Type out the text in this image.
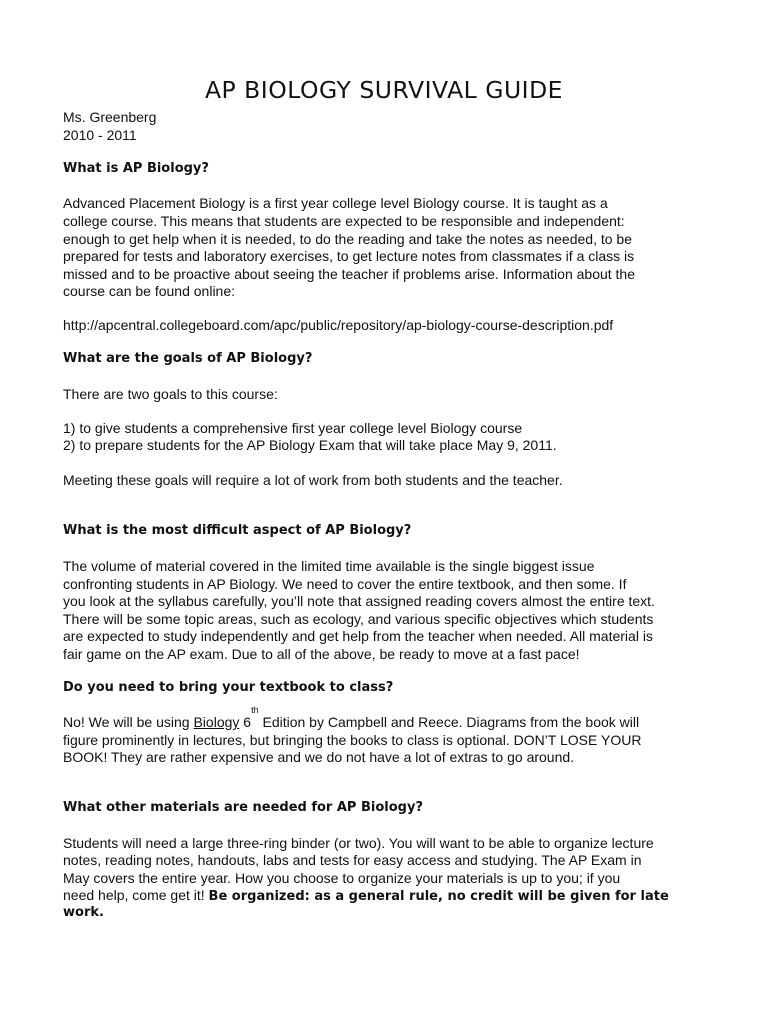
AP BIOLOGY SURVIVAL GUIDE
Ms. Greenberg
2010 - 2011
What is AP Biology?
Advanced Placement Biology is a first year college level Biology course. It is taught as a
college course. This means that students are expected to be responsible and independent:
enough to get help when it is needed, to do the reading and take the notes as needed, to be
prepared for tests and laboratory exercises, to get lecture notes from classmates if a class is
missed and to be proactive about seeing the teacher if problems arise. Information about the
course can be found online:
http://apcentral.collegeboard.com/apc/public/repository/ap-biology-course-description.pdf
What are the goals of AP Biology?
There are two goals to this course:
1) to give students a comprehensive first year college level Biology course
2) to prepare students for the AP Biology Exam that will take place May 9, 2011.
Meeting these goals will require a lot of work from both students and the teacher.
What is the most difficult aspect of AP Biology?
The volume of material covered in the limited time available is the single biggest issue
confronting students in AP Biology. We need to cover the entire textbook, and then some. If
you look at the syllabus carefully, you’ll note that assigned reading covers almost the entire text.
There will be some topic areas, such as ecology, and various specific objectives which students
are expected to study independently and get help from the teacher when needed. All material is
fair game on the AP exam. Due to all of the above, be ready to move at a fast pace!
Do you need to bring your textbook to class?
No! We will be using Biology 6th Edition by Campbell and Reece. Diagrams from the book will
figure prominently in lectures, but bringing the books to class is optional. DON’T LOSE YOUR
BOOK! They are rather expensive and we do not have a lot of extras to go around.
What other materials are needed for AP Biology?
Students will need a large three-ring binder (or two). You will want to be able to organize lecture
notes, reading notes, handouts, labs and tests for easy access and studying. The AP Exam in
May covers the entire year. How you choose to organize your materials is up to you; if you
need help, come get it! Be organized: as a general rule, no credit will be given for late
work.
